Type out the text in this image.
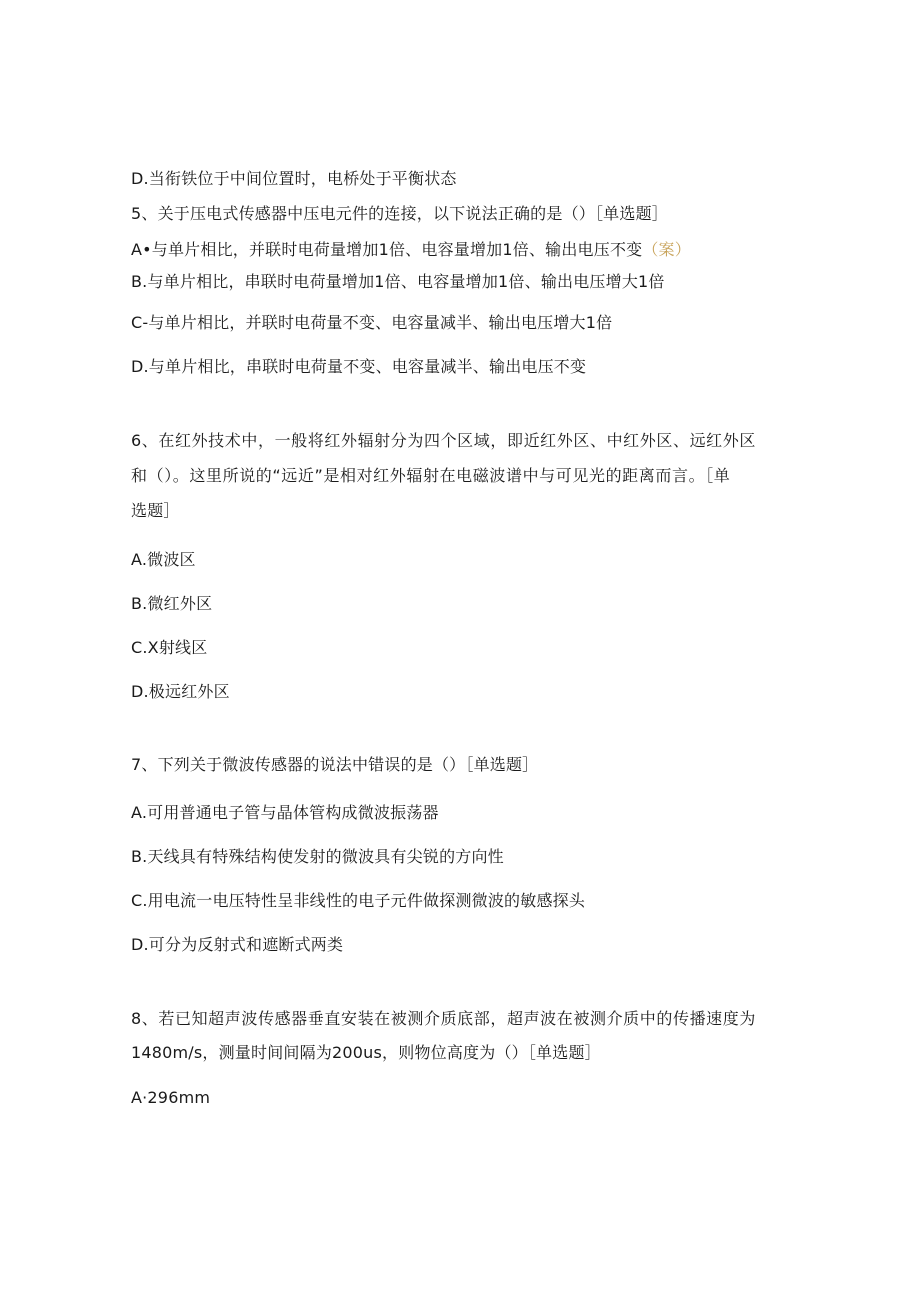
D.当衔铁位于中间位置时，电桥处于平衡状态
5、关于压电式传感器中压电元件的连接，以下说法正确的是（）［单选题］
A•与单片相比，并联时电荷量增加1倍、电容量增加1倍、输出电压不变（案）
B.与单片相比，串联时电荷量增加1倍、电容量增加1倍、输出电压增大1倍
C-与单片相比，并联时电荷量不变、电容量减半、输出电压增大1倍
D.与单片相比，串联时电荷量不变、电容量减半、输出电压不变
6、在红外技术中，一般将红外辐射分为四个区域，即近红外区、中红外区、远红外区
和（）。这里所说的“远近”是相对红外辐射在电磁波谱中与可见光的距离而言。［单
选题］
A.微波区
B.微红外区
C.X射线区
D.极远红外区
7、下列关于微波传感器的说法中错误的是（）［单选题］
A.可用普通电子管与晶体管构成微波振荡器
B.天线具有特殊结构使发射的微波具有尖锐的方向性
C.用电流一电压特性呈非线性的电子元件做探测微波的敏感探头
D.可分为反射式和遮断式两类
8、若已知超声波传感器垂直安装在被测介质底部，超声波在被测介质中的传播速度为
1480m∕s，测量时间间隔为200us，则物位高度为（）［单选题］
A·296mm
